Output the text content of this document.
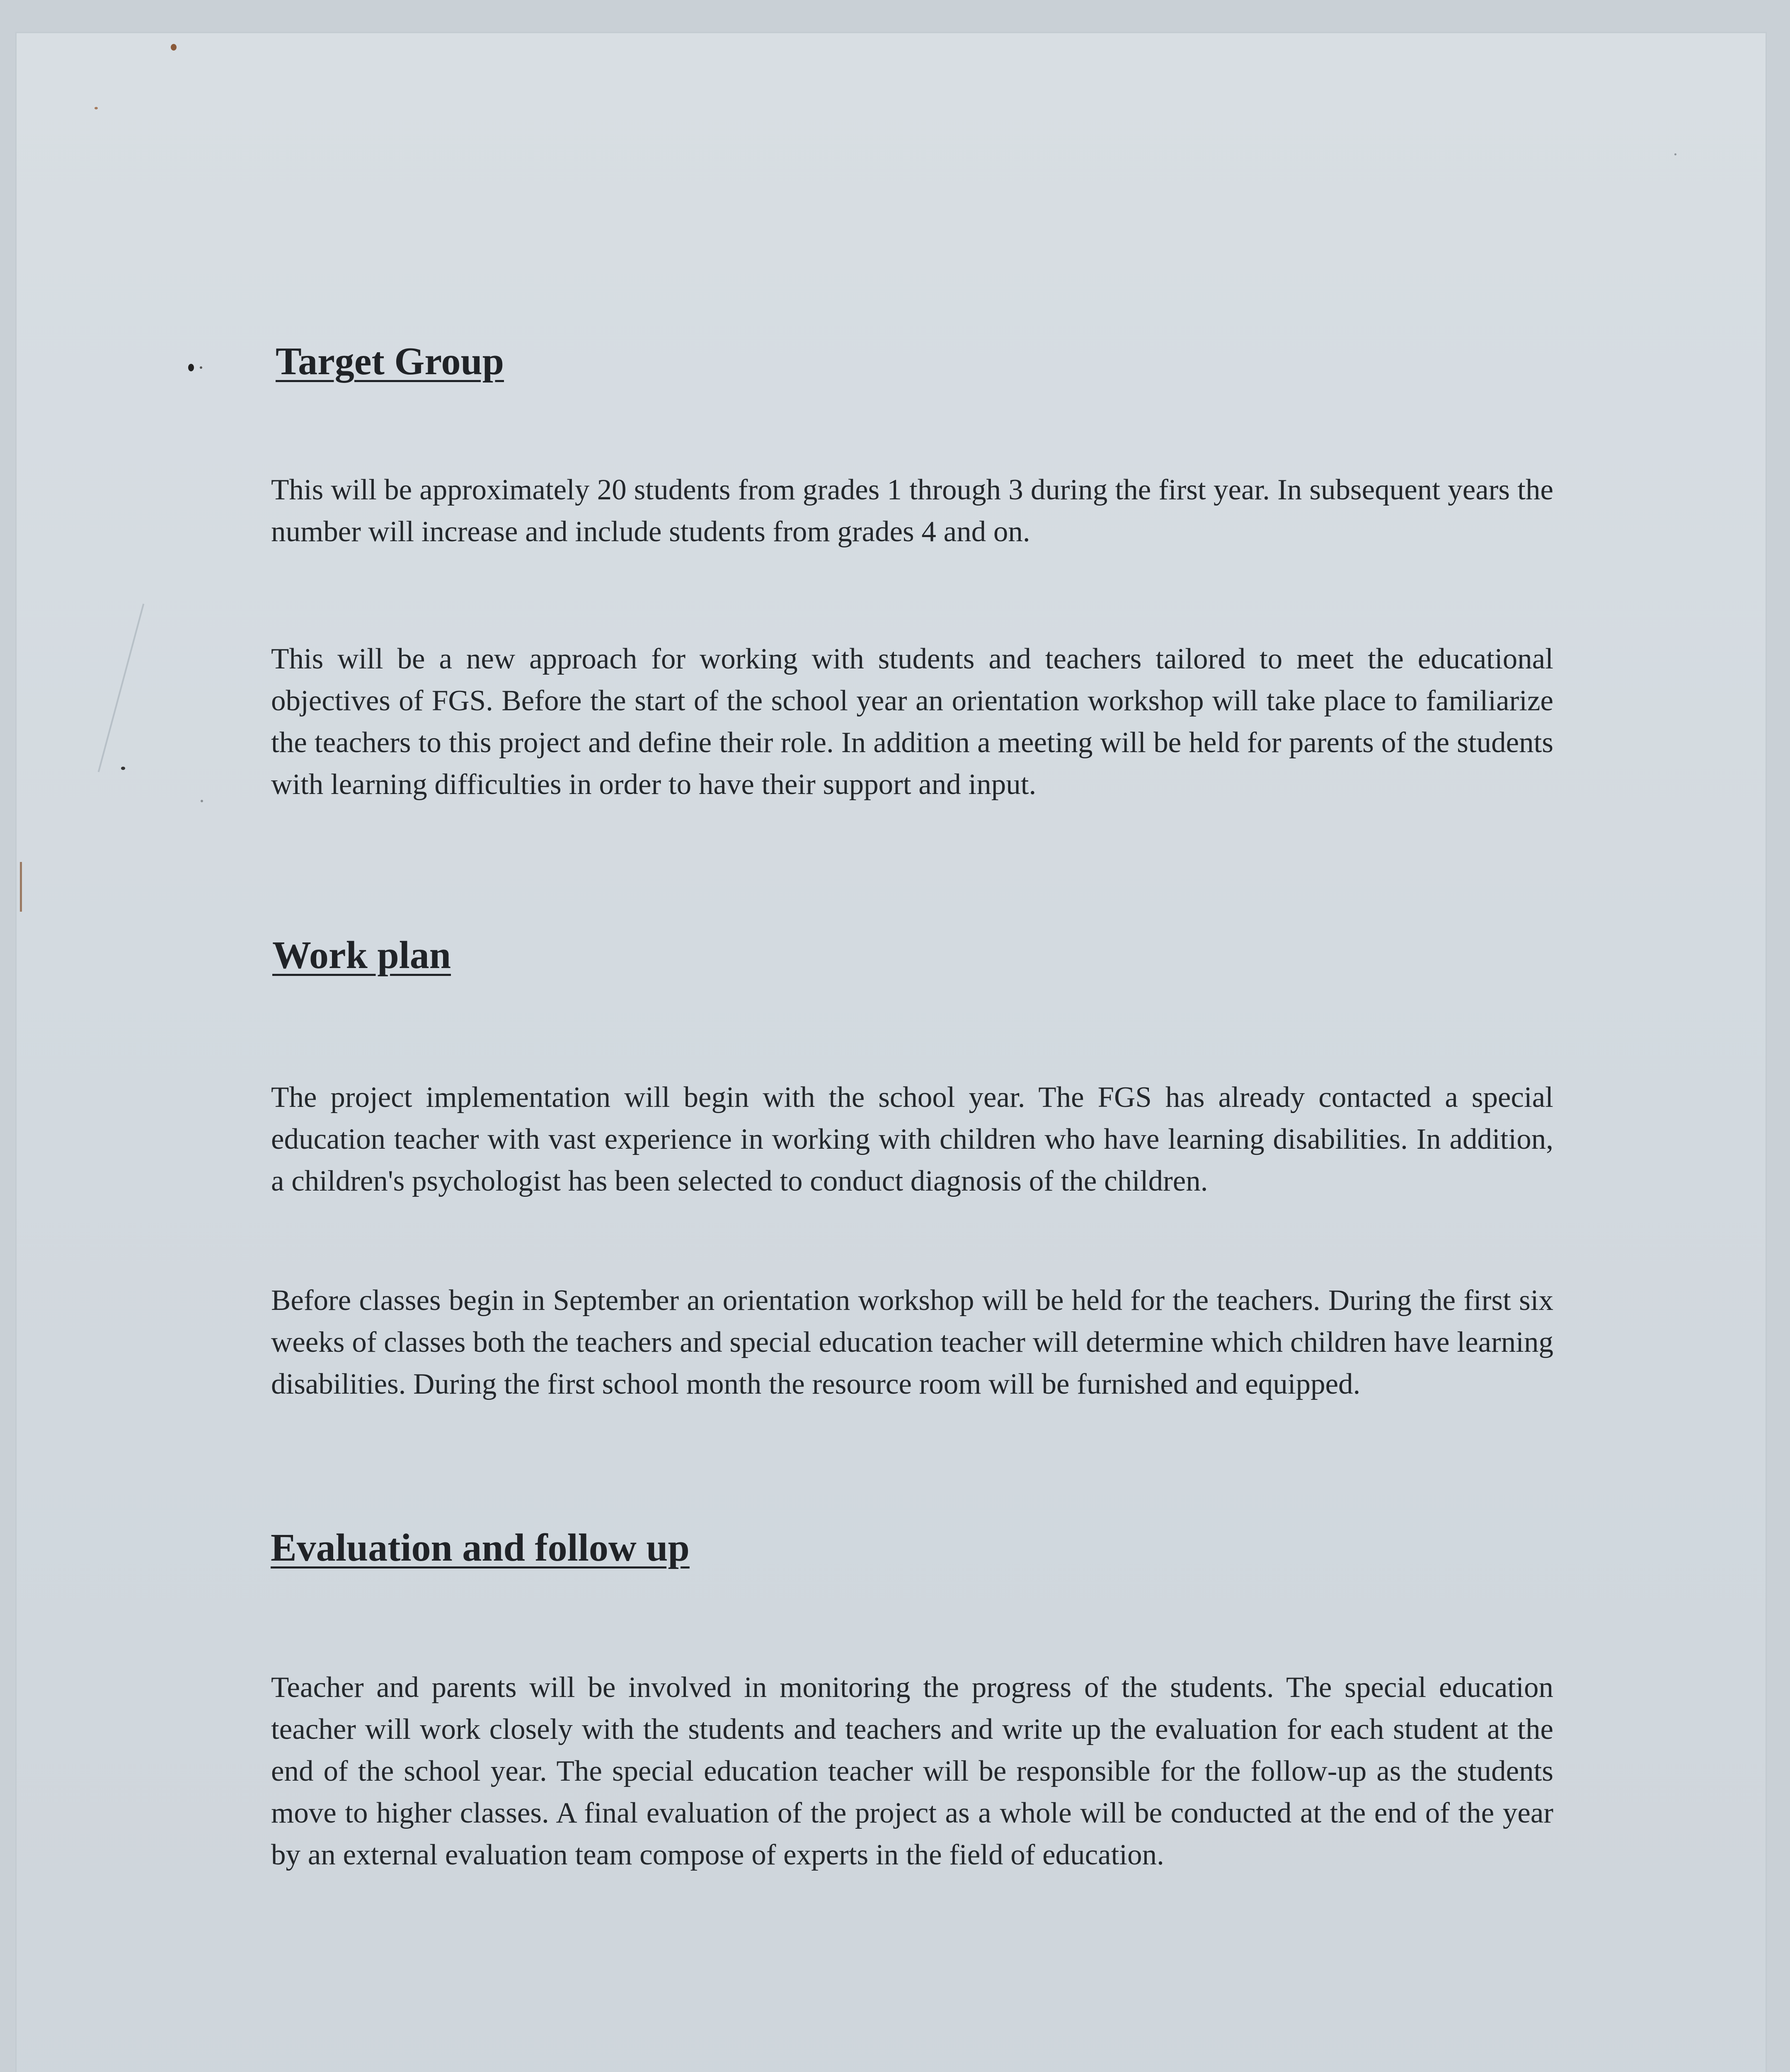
Target Group

This will be approximately 20 students from grades 1 through 3 during the first year. In subsequent years the number will increase and include students from grades 4 and on.

This will be a new approach for working with students and teachers tailored to meet the educational objectives of FGS. Before the start of the school year an orientation workshop will take place to familiarize the teachers to this project and define their role. In addition a meeting will be held for parents of the students with learning difficulties in order to have their support and input.

Work plan

The project implementation will begin with the school year. The FGS has already contacted a special education teacher with vast experience in working with children who have learning disabilities. In addition, a children's psychologist has been selected to conduct diagnosis of the children.

Before classes begin in September an orientation workshop will be held for the teachers. During the first six weeks of classes both the teachers and special education teacher will determine which children have learning disabilities. During the first school month the resource room will be furnished and equipped.

Evaluation and follow up

Teacher and parents will be involved in monitoring the progress of the students. The special education teacher will work closely with the students and teachers and write up the evaluation for each student at the end of the school year. The special education teacher will be responsible for the follow-up as the students move to higher classes. A final evaluation of the project as a whole will be conducted at the end of the year by an external evaluation team compose of experts in the field of education.
